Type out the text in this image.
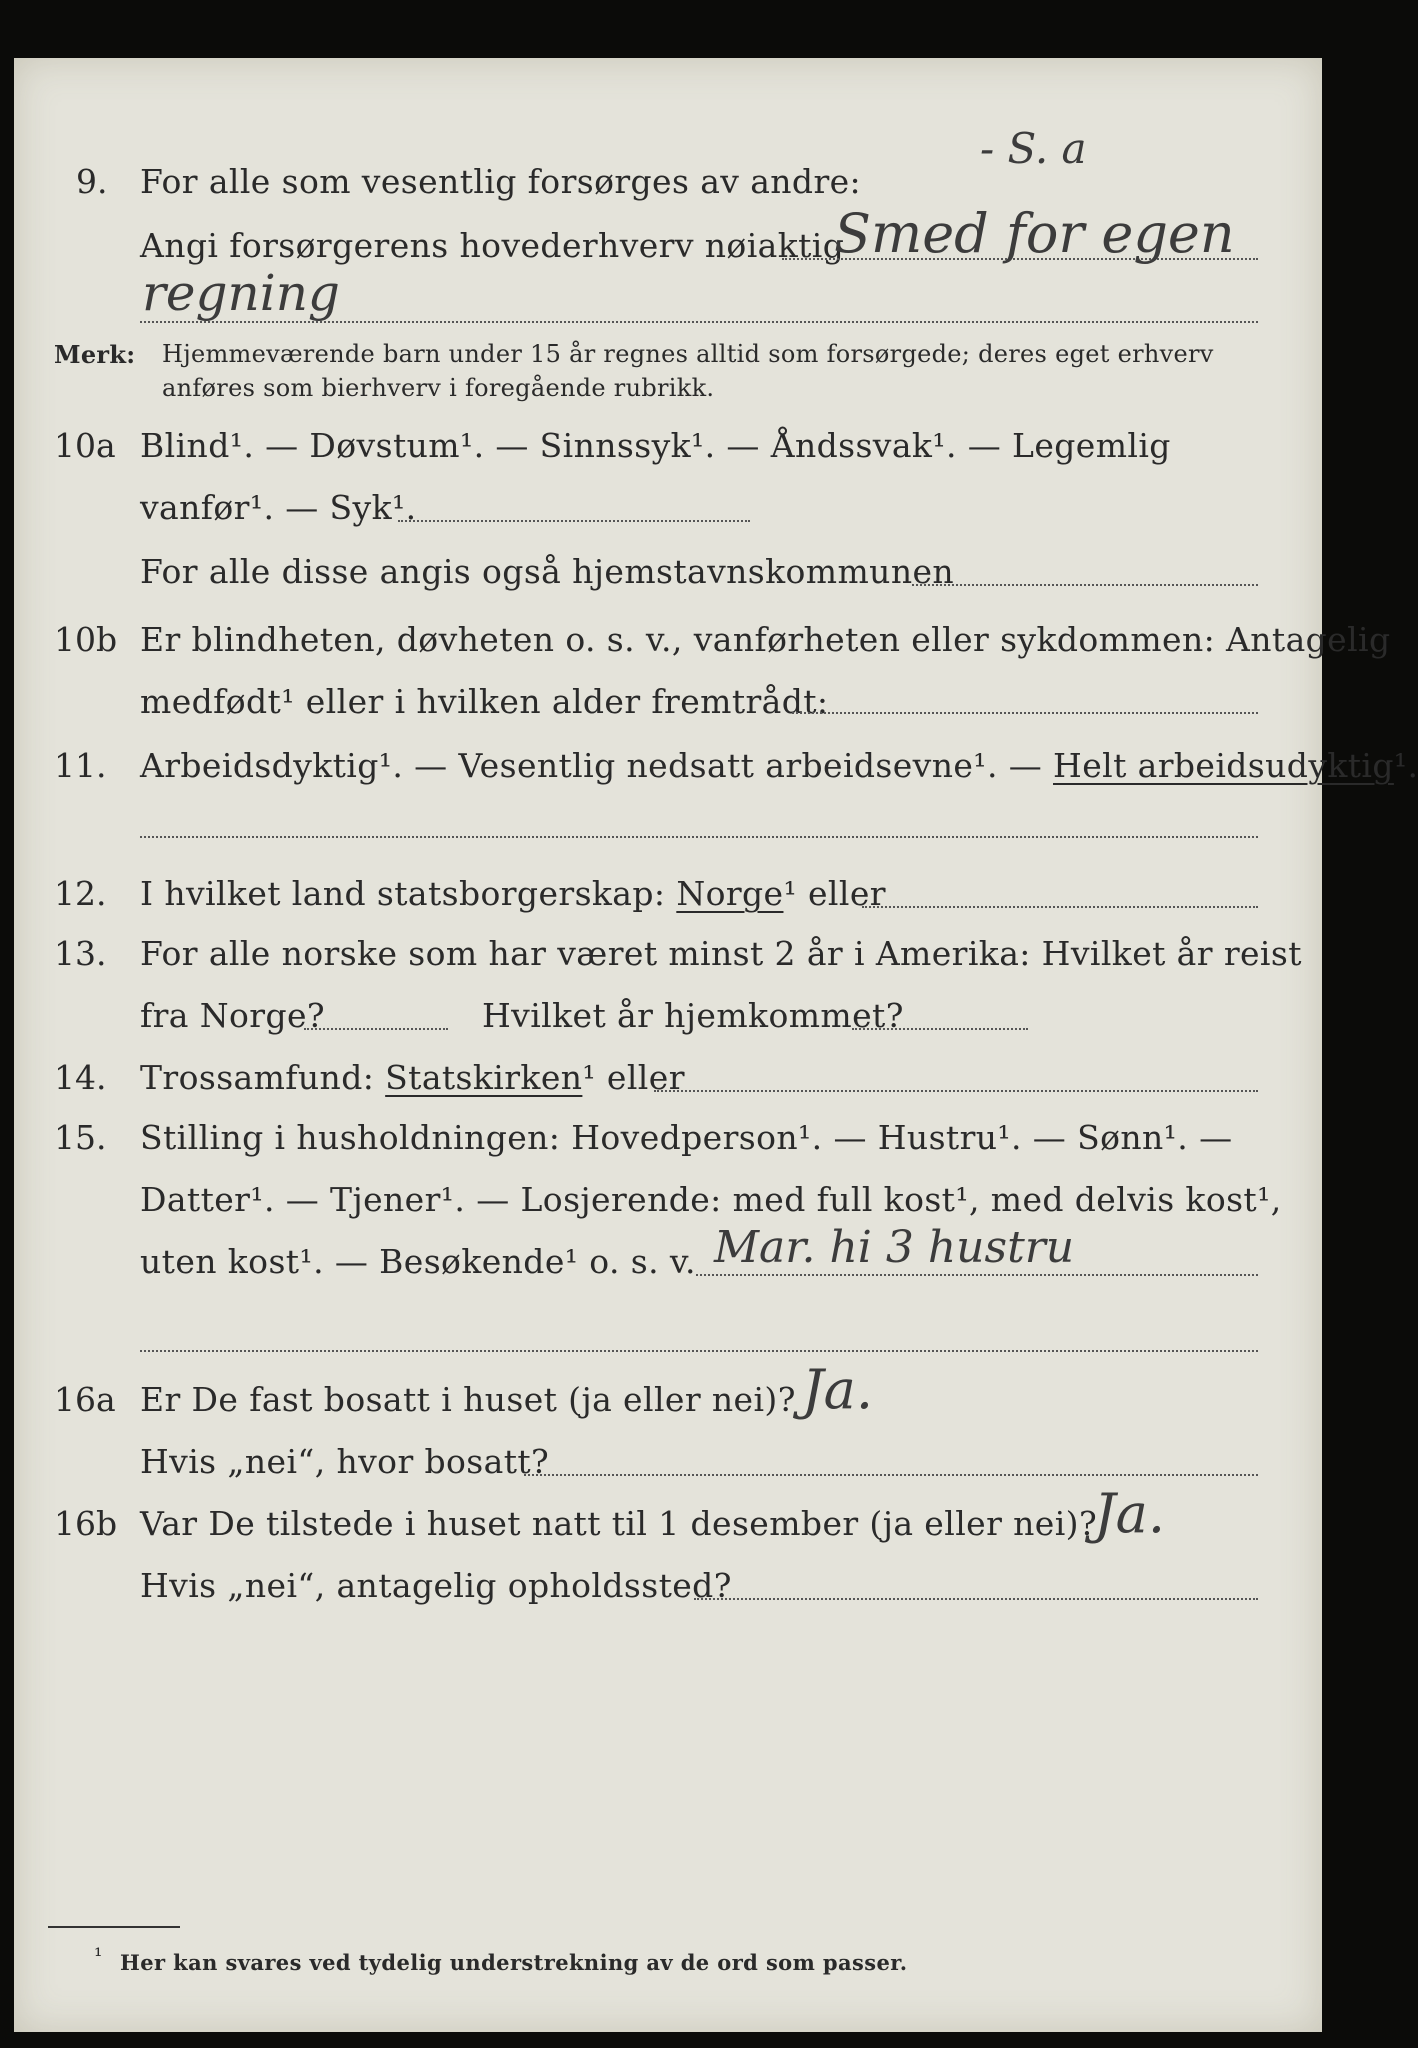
- S. a
9. For alle som vesentlig forsørges av andre:
Angi forsørgerens hovederhverv nøiaktig
Smed for egen
regning
Merk: Hjemmeværende barn under 15 år regnes alltid som forsørgede; deres eget erhverv
anføres som bierhverv i foregående rubrikk.
10a Blind¹. — Døvstum¹. — Sinnssyk¹. — Åndssvak¹. — Legemlig
vanfør¹. — Syk¹.
For alle disse angis også hjemstavnskommunen
10b Er blindheten, døvheten o. s. v., vanførheten eller sykdommen: Antagelig
medfødt¹ eller i hvilken alder fremtrådt:
11. Arbeidsdyktig¹. — Vesentlig nedsatt arbeidsevne¹. — Helt arbeidsudyktig¹.
12. I hvilket land statsborgerskap: Norge¹ eller
13. For alle norske som har været minst 2 år i Amerika: Hvilket år reist
fra Norge?	Hvilket år hjemkommet?
14. Trossamfund: Statskirken¹ eller
15. Stilling i husholdningen: Hovedperson¹. — Hustru¹. — Sønn¹. —
Datter¹. — Tjener¹. — Losjerende: med full kost¹, med delvis kost¹,
uten kost¹. — Besøkende¹ o. s. v. Mar. hi 3 hustru
16a Er De fast bosatt i huset (ja eller nei)? Ja.
Hvis „nei“, hvor bosatt?
16b Var De tilstede i huset natt til 1 desember (ja eller nei)?
Ja.
Hvis „nei“, antagelig opholdssted?
¹ Her kan svares ved tydelig understrekning av de ord som passer.
